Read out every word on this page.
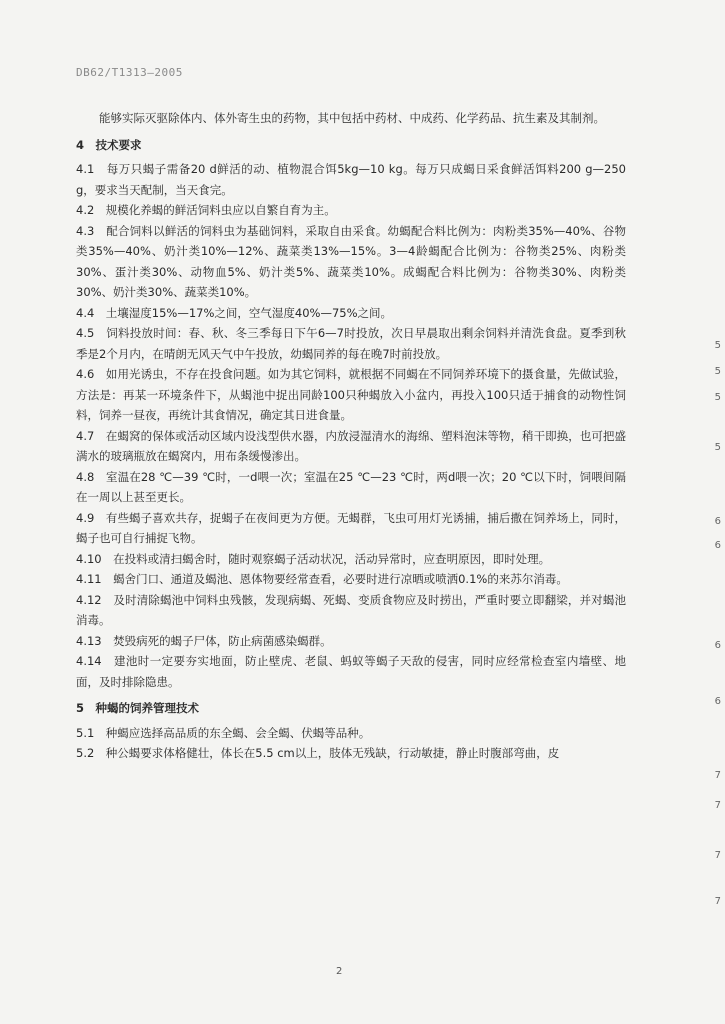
DB62/T1313—2005

能够实际灭驱除体内、体外寄生虫的药物，其中包括中药材、中成药、化学药品、抗生素及其制剂。

4　技术要求

4.1　每万只蝎子需备20 d鲜活的动、植物混合饵5kg—10 kg。每万只成蝎日采食鲜活饵料200 g—250 g，要求当天配制，当天食完。

4.2　规模化养蝎的鲜活饲料虫应以自繁自育为主。

4.3　配合饲料以鲜活的饲料虫为基础饲料，采取自由采食。幼蝎配合料比例为：肉粉类35%—40%、谷物类35%—40%、奶汁类10%—12%、蔬菜类13%—15%。3—4龄蝎配合比例为：谷物类25%、肉粉类30%、蛋汁类30%、动物血5%、奶汁类5%、蔬菜类10%。成蝎配合料比例为：谷物类30%、肉粉类30%、奶汁类30%、蔬菜类10%。

4.4　土壤湿度15%—17%之间，空气湿度40%—75%之间。

4.5　饲料投放时间：春、秋、冬三季每日下午6—7时投放，次日早晨取出剩余饲料并清洗食盘。夏季到秋季是2个月内，在晴朗无风天气中午投放，幼蝎同养的每在晚7时前投放。

4.6　如用光诱虫，不存在投食问题。如为其它饲料，就根据不同蝎在不同饲养环境下的摄食量，先做试验，方法是：再某一环境条件下，从蝎池中捉出同龄100只种蝎放入小盆内，再投入100只适于捕食的动物性饲料，饲养一昼夜，再统计其食情况，确定其日进食量。

4.7　在蝎窝的保体或活动区域内设浅型供水器，内放浸湿清水的海绵、塑料泡沫等物，稍干即换，也可把盛满水的玻璃瓶放在蝎窝内，用布条缓慢渗出。

4.8　室温在28 ℃—39 ℃时，一d喂一次；室温在25 ℃—23 ℃时，两d喂一次；20 ℃以下时，饲喂间隔在一周以上甚至更长。

4.9　有些蝎子喜欢共存，捉蝎子在夜间更为方便。无蝎群，飞虫可用灯光诱捕，捕后撒在饲养场上，同时，蝎子也可自行捕捉飞物。

4.10　在投料或清扫蝎舍时，随时观察蝎子活动状况，活动异常时，应查明原因，即时处理。

4.11　蝎舍门口、通道及蝎池、恩体物要经常查看，必要时进行凉晒或喷洒0.1%的来苏尔消毒。

4.12　及时清除蝎池中饲料虫残骸，发现病蝎、死蝎、变质食物应及时捞出，严重时要立即翻梁，并对蝎池消毒。

4.13　焚毁病死的蝎子尸体，防止病菌感染蝎群。

4.14　建池时一定要夯实地面，防止壁虎、老鼠、蚂蚁等蝎子天敌的侵害，同时应经常检查室内墙壁、地面，及时排除隐患。

5　种蝎的饲养管理技术

5.1　种蝎应选择高品质的东全蝎、会全蝎、伏蝎等品种。

5.2　种公蝎要求体格健壮，体长在5.5 cm以上，肢体无残缺，行动敏捷，静止时腹部弯曲，皮

2
5
5
5
5
6
6
6
6
7
7
7
7
